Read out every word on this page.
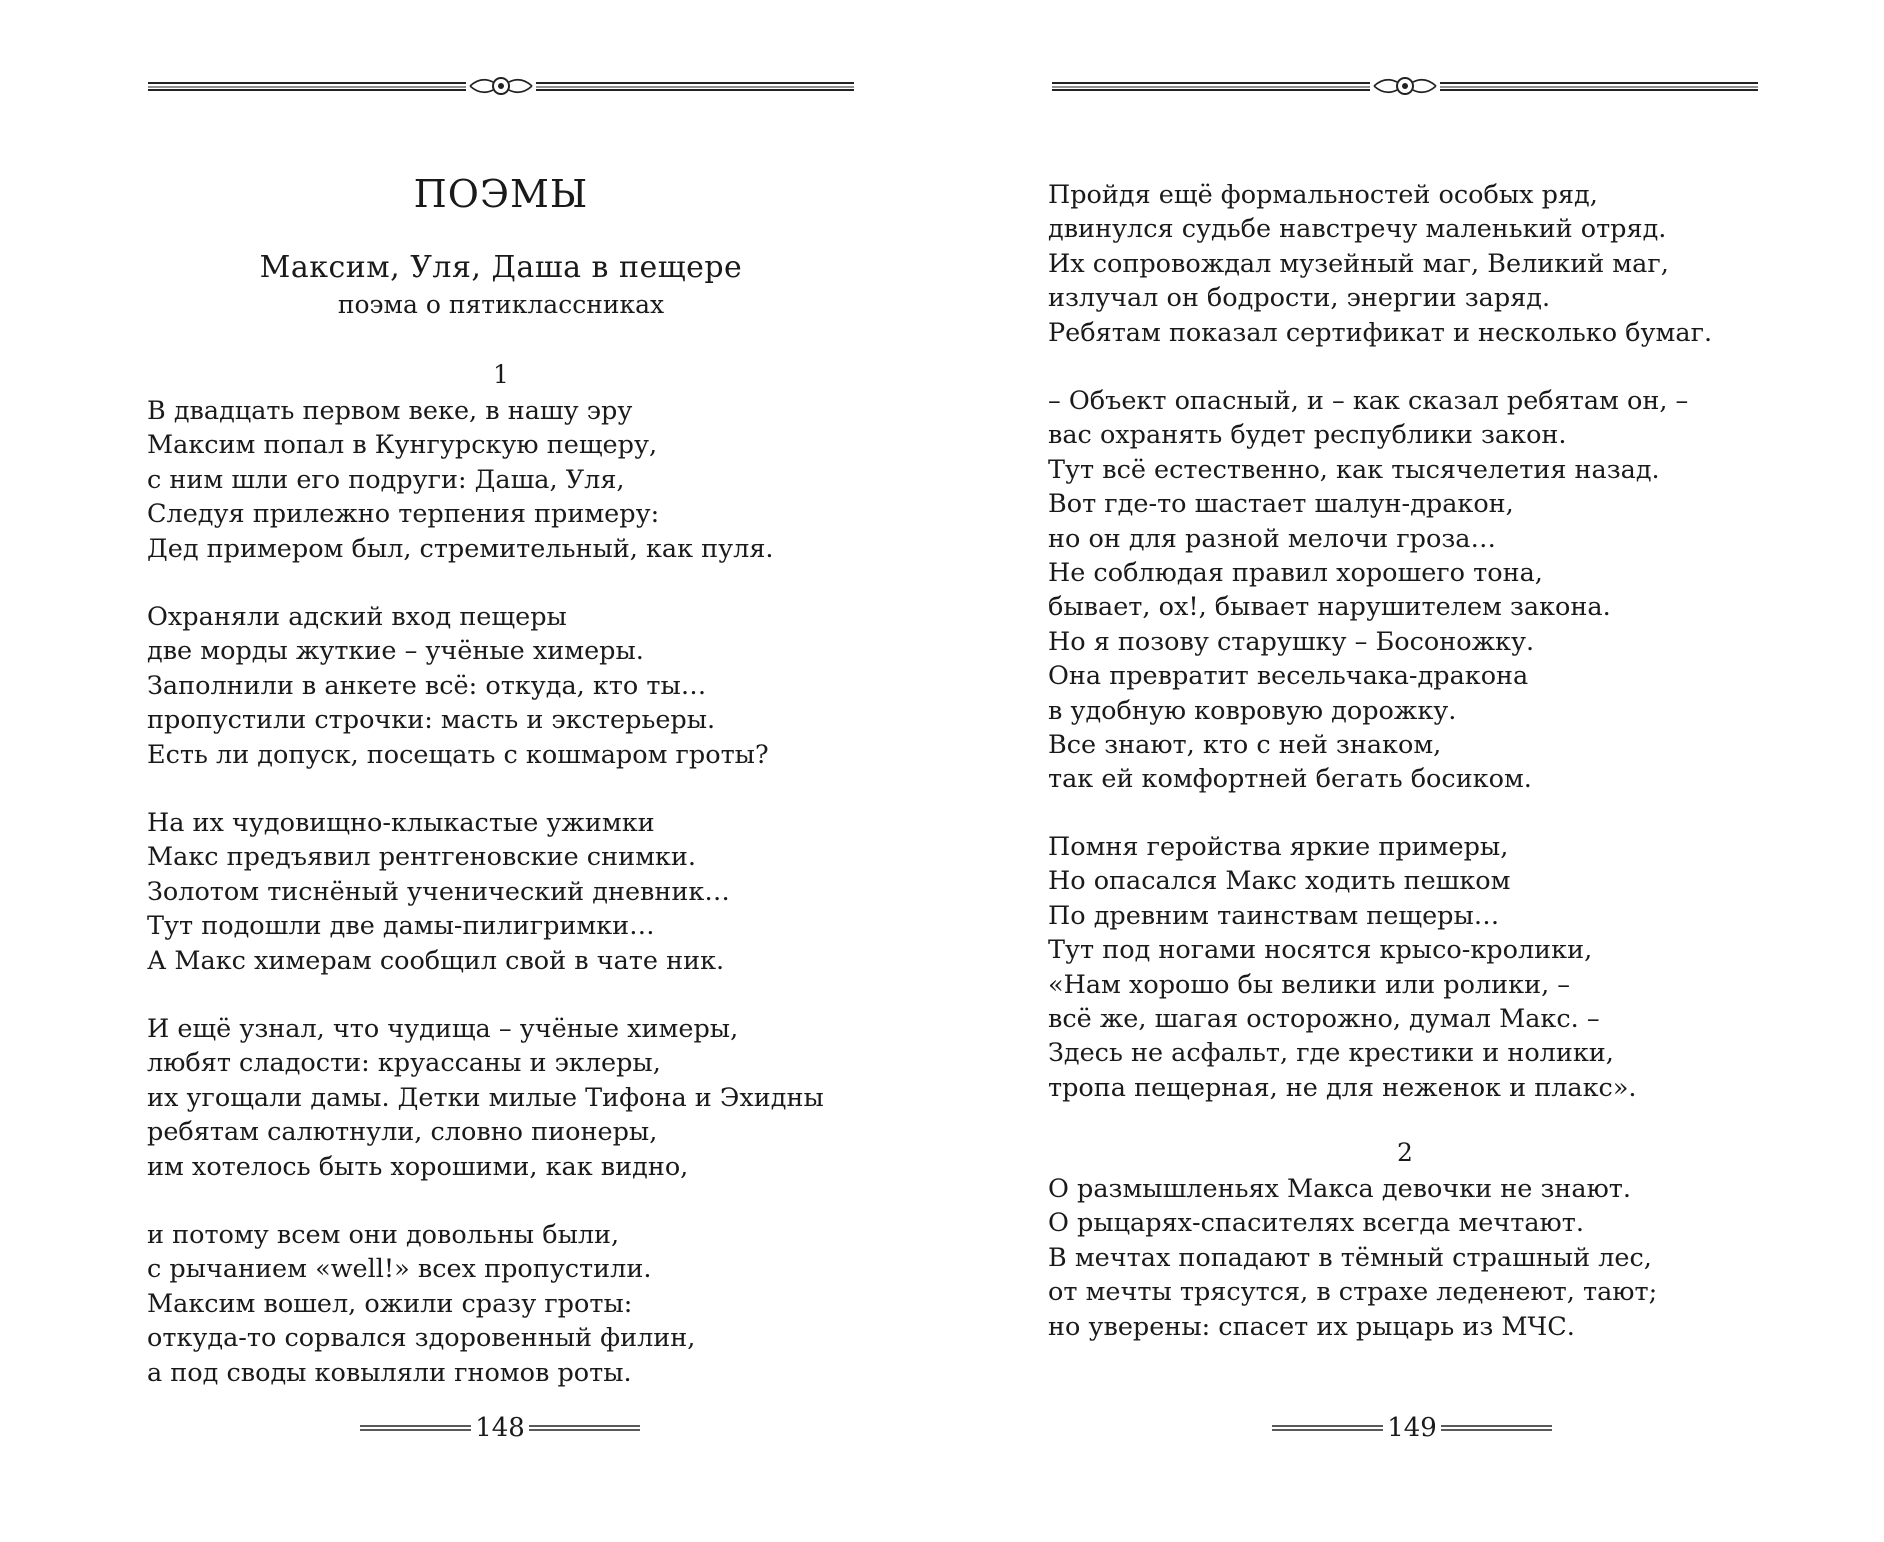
ПОЭМЫ
Максим, Уля, Даша в пещере
поэма о пятиклассниках
1
В двадцать первом веке, в нашу эру
Максим попал в Кунгурскую пещеру,
с ним шли его подруги: Даша, Уля,
Следуя прилежно терпения примеру:
Дед примером был, стремительный, как пуля.
Охраняли адский вход пещеры
две морды жуткие – учёные химеры.
Заполнили в анкете всё: откуда, кто ты…
пропустили строчки: масть и экстерьеры.
Есть ли допуск, посещать с кошмаром гроты?
На их чудовищно-клыкастые ужимки
Макс предъявил рентгеновские снимки.
Золотом тиснёный ученический дневник…
Тут подошли две дамы-пилигримки…
А Макс химерам сообщил свой в чате ник.
И ещё узнал, что чудища – учёные химеры,
любят сладости: круассаны и эклеры,
их угощали дамы. Детки милые Тифона и Эхидны
ребятам салютнули, словно пионеры,
им хотелось быть хорошими, как видно,
и потому всем они довольны были,
с рычанием «well!» всех пропустили.
Максим вошел, ожили сразу гроты:
откуда-то сорвался здоровенный филин,
а под своды ковыляли гномов роты.
148
Пройдя ещё формальностей особых ряд,
двинулся судьбе навстречу маленький отряд.
Их сопровождал музейный маг, Великий маг,
излучал он бодрости, энергии заряд.
Ребятам показал сертификат и несколько бумаг.
– Объект опасный, и – как сказал ребятам он, –
вас охранять будет республики закон.
Тут всё естественно, как тысячелетия назад.
Вот где-то шастает шалун-дракон,
но он для разной мелочи гроза…
Не соблюдая правил хорошего тона,
бывает, ох!, бывает нарушителем закона.
Но я позову старушку – Босоножку.
Она превратит весельчака-дракона
в удобную ковровую дорожку.
Все знают, кто с ней знаком,
так ей комфортней бегать босиком.
Помня геройства яркие примеры,
Но опасался Макс ходить пешком
По древним таинствам пещеры…
Тут под ногами носятся крысо-кролики,
«Нам хорошо бы велики или ролики, –
всё же, шагая осторожно, думал Макс. –
Здесь не асфальт, где крестики и нолики,
тропа пещерная, не для неженок и плакс».
2
О размышленьях Макса девочки не знают.
О рыцарях-спасителях всегда мечтают.
В мечтах попадают в тёмный страшный лес,
от мечты трясутся, в страхе леденеют, тают;
но уверены: спасет их рыцарь из МЧС.
149
